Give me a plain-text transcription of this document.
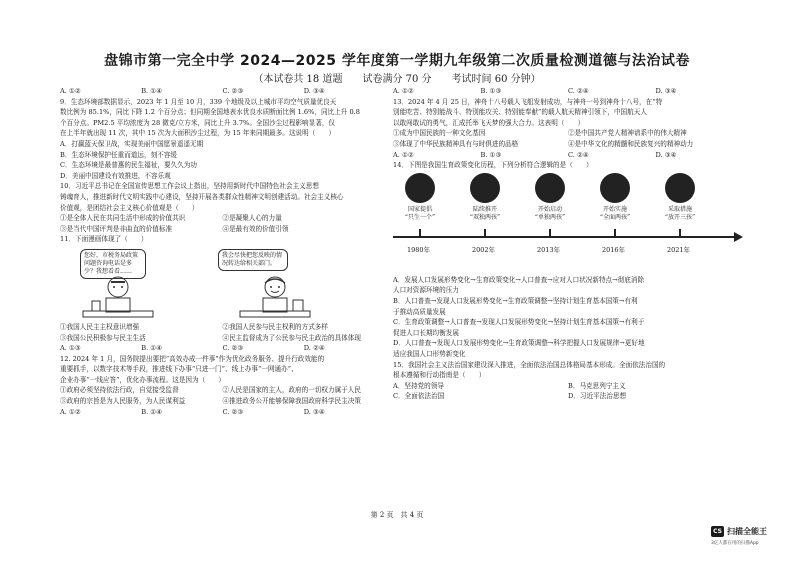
盘锦市第一完全中学 2024—2025 学年度第一学期九年级第二次质量检测道德与法治试卷
（本试卷共 18 道题　　试卷满分 70 分　　考试时间 60 分钟）
A. ①②	B. ①④	C. ②③	D. ③④
9．生态环境部数据显示，2023 年 1 月至 10 月，339 个地级及以上城市平均空气质量优良天
数比例为 85.1%，同比下降 1.2 个百分点；但同期全国地表水优良水质断面比例 1.6%，同比上升 0.8
个百分点。PM2.5 平均浓度为 28 微克/立方米，同比上升 3.7%。全国沙尘过程影响显著，仅
在上半年就出现 11 次，其中 15 次为大面积沙尘过程，为 15 年来同期最多。这说明（　　）
A．打赢蓝天保卫战，实现美丽中国愿景遥遥无期
B．生态环境保护任重而道远，刻不容缓
C．生态环境是最普惠的民生福祉，要久久为功
D．美丽中国建设有效推进，不容乐观
10．习近平总书记在全国宣传思想工作会议上指出，坚持用新时代中国特色社会主义思想
铸魂育人，推进新时代文明实践中心建设，坚持开展各类群众性精神文明创建活动。社会主义核心
价值观，是团结社会主义核心价值观是（　　）
①是全体人民在共同生活中形成的价值共识	②是凝聚人心的力量
③是当代中国评判是非曲直的价值标准	④是最有效的价值引领
11．下面漫画体现了（　　）
您好，市税务局政策问题咨询电话是多少？我想看看……
我会尽快把您反映的情况转达给相关部门。
①我国人民主主权意识增强	②我国人民参与民主权利的方式多样
③我国公民积极参与民主生活	④民主监督成为了公民参与民主政治的具体体现
A. ①③	B. ①④	C. ②③	D. ②④
12. 2024 年 1 月，国务院提出要把“高效办成一件事”作为优化政务服务、提升行政效能的
重要抓手，以数字技术等手段，推进线下办事“只进一门”、线上办事“一网通办”、
企业办事“一线应答”，优化办事流程。这是因为（　　）
①政府必须坚持依法行政，自觉接受监督	②人民是国家的主人，政府的一切权力属于人民
③政府的宗旨是为人民服务，为人民谋利益	④推进政务公开能够保障我国政府科学民主决策
A. ①②	B. ①④	C. ②③	D. ③④
A. ①②	B. ①③	C. ②④	D. ③④
13．2024 年 4 月 25 日，神舟十八号载人飞船发射成功，与神舟一号到神舟十八号，在“特
别能吃苦、特别能战斗、特别能攻关、特别能奉献”的载人航天精神引领下，中国航天人
以敢闯敢试的勇气，汇成托举飞天梦的强大合力。这表明（　　）
①成为中国民族的一种文化基因	②是中国共产党人精神谱系中的伟大精神
③体现了中华民族精神具有与时俱进的品格	④是中华文化的精髓和民族复兴的精神动力
A. ①②	B. ①③	C. ②④	D. ③④
14．下图是我国生育政策变化历程，下列分析符合逻辑的是（　　）
国家提倡
“只生一个”
1980年
陆续推开
“双独两孩”
2002年
开始启动
“单独两孩”
2013年
开始实施
“全面两孩”
2016年
采取措施
“放开三孩”
2021年
A．发展人口发展形势变化→生育政策变化→人口普查→应对人口状况新特点→彻底消除
人口对资源环境的压力
B．人口普查→发现人口发展形势变化→生育政策调整→坚持计划生育基本国策→有利
于推动高质量发展
C．生育政策调整→人口普查→发现人口发展形势变化→坚持计划生育基本国策→有利于
促进人口长期均衡发展
D．人口普查→发现人口发展形势变化→生育政策调整→科学把握人口发展规律→更好地
适应我国人口形势新变化
15．我国社会主义法治国家建设深入推进，全面依法治国总体格局基本形成。全面依法治国的
根本遵循和行动指南是（　　）
A．坚持党的领导	B．马克思列宁主义
C．全面依法治国	D．习近平法治思想
第 2 页　共 4 页
CS 扫描全能王
3亿人都在用的扫描App
